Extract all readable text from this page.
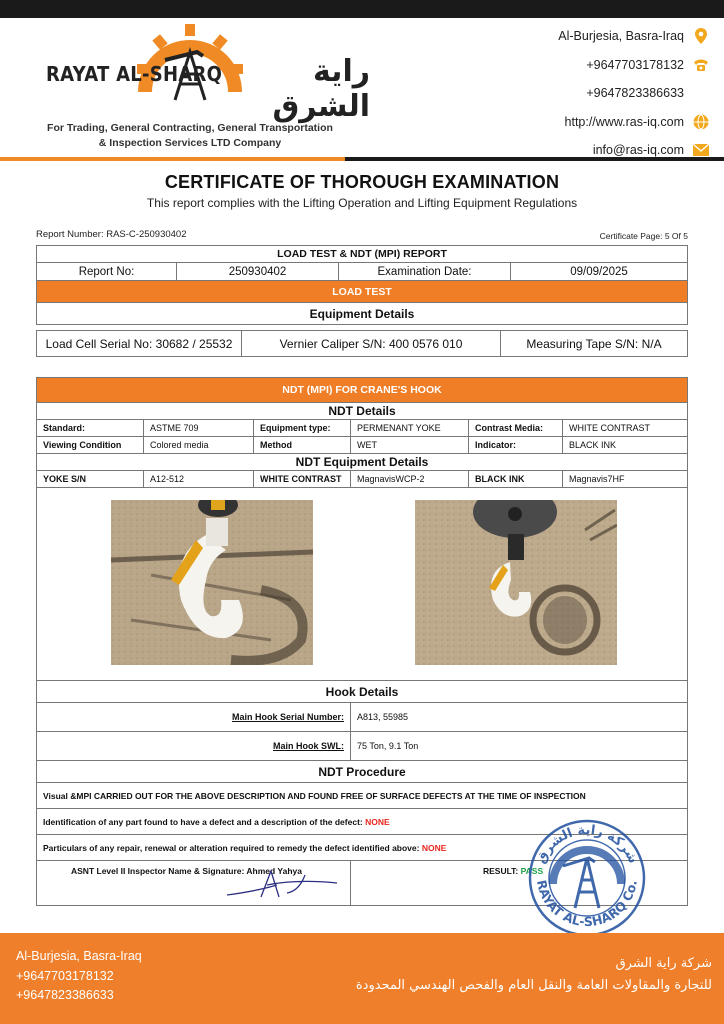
RAYAT AL-SHARQ	راية الشرق
For Trading, General Contracting, General Transportation
& Inspection Services LTD Company
Al-Burjesia, Basra-Iraq
+9647703178132
+9647823386633
http://www.ras-iq.com
info@ras-iq.com
CERTIFICATE OF THOROUGH EXAMINATION
This report complies with the Lifting Operation and Lifting Equipment Regulations
Report Number: RAS-C-250930402	Certificate Page: 5 Of 5
LOAD TEST & NDT (MPI) REPORT
Report No:	250930402	Examination Date:	09/09/2025
LOAD TEST
Equipment Details
Load Cell Serial No: 30682 / 25532	Vernier Caliper S/N: 400 0576 010	Measuring Tape S/N: N/A
NDT (MPI) FOR CRANE'S HOOK					
NDT Details					
Standard:	ASTME 709	Equipment type:	PERMENANT YOKE	Contrast Media:	WHITE CONTRAST
Viewing Condition	Colored media	Method	WET	Indicator:	BLACK INK
NDT Equipment Details					
YOKE S/N	A12-512	WHITE CONTRAST	MagnavisWCP-2	BLACK INK	Magnavis7HF

Hook Details					
Main Hook Serial Number:			A813, 55985		
Main Hook SWL:			75 Ton, 9.1 Ton		
NDT Procedure					
Visual &MPI CARRIED OUT FOR THE ABOVE DESCRIPTION AND FOUND FREE OF SURFACE DEFECTS AT THE TIME OF INSPECTION					
Identification of any part found to have a defect and a description of the defect: NONE					
Particulars of any repair, renewal or alteration required to remedy the defect identified above: NONE					
ASNT Level II Inspector Name & Signature: Ahmed Yahya			RESULT: PASS		
شركة راية الشرق
RAYAT AL-SHARQ Co.
Al-Burjesia, Basra-Iraq
+9647703178132
+9647823386633
شركة راية الشرق
للتجارة والمقاولات العامة والنقل العام والفحص الهندسي المحدودة
